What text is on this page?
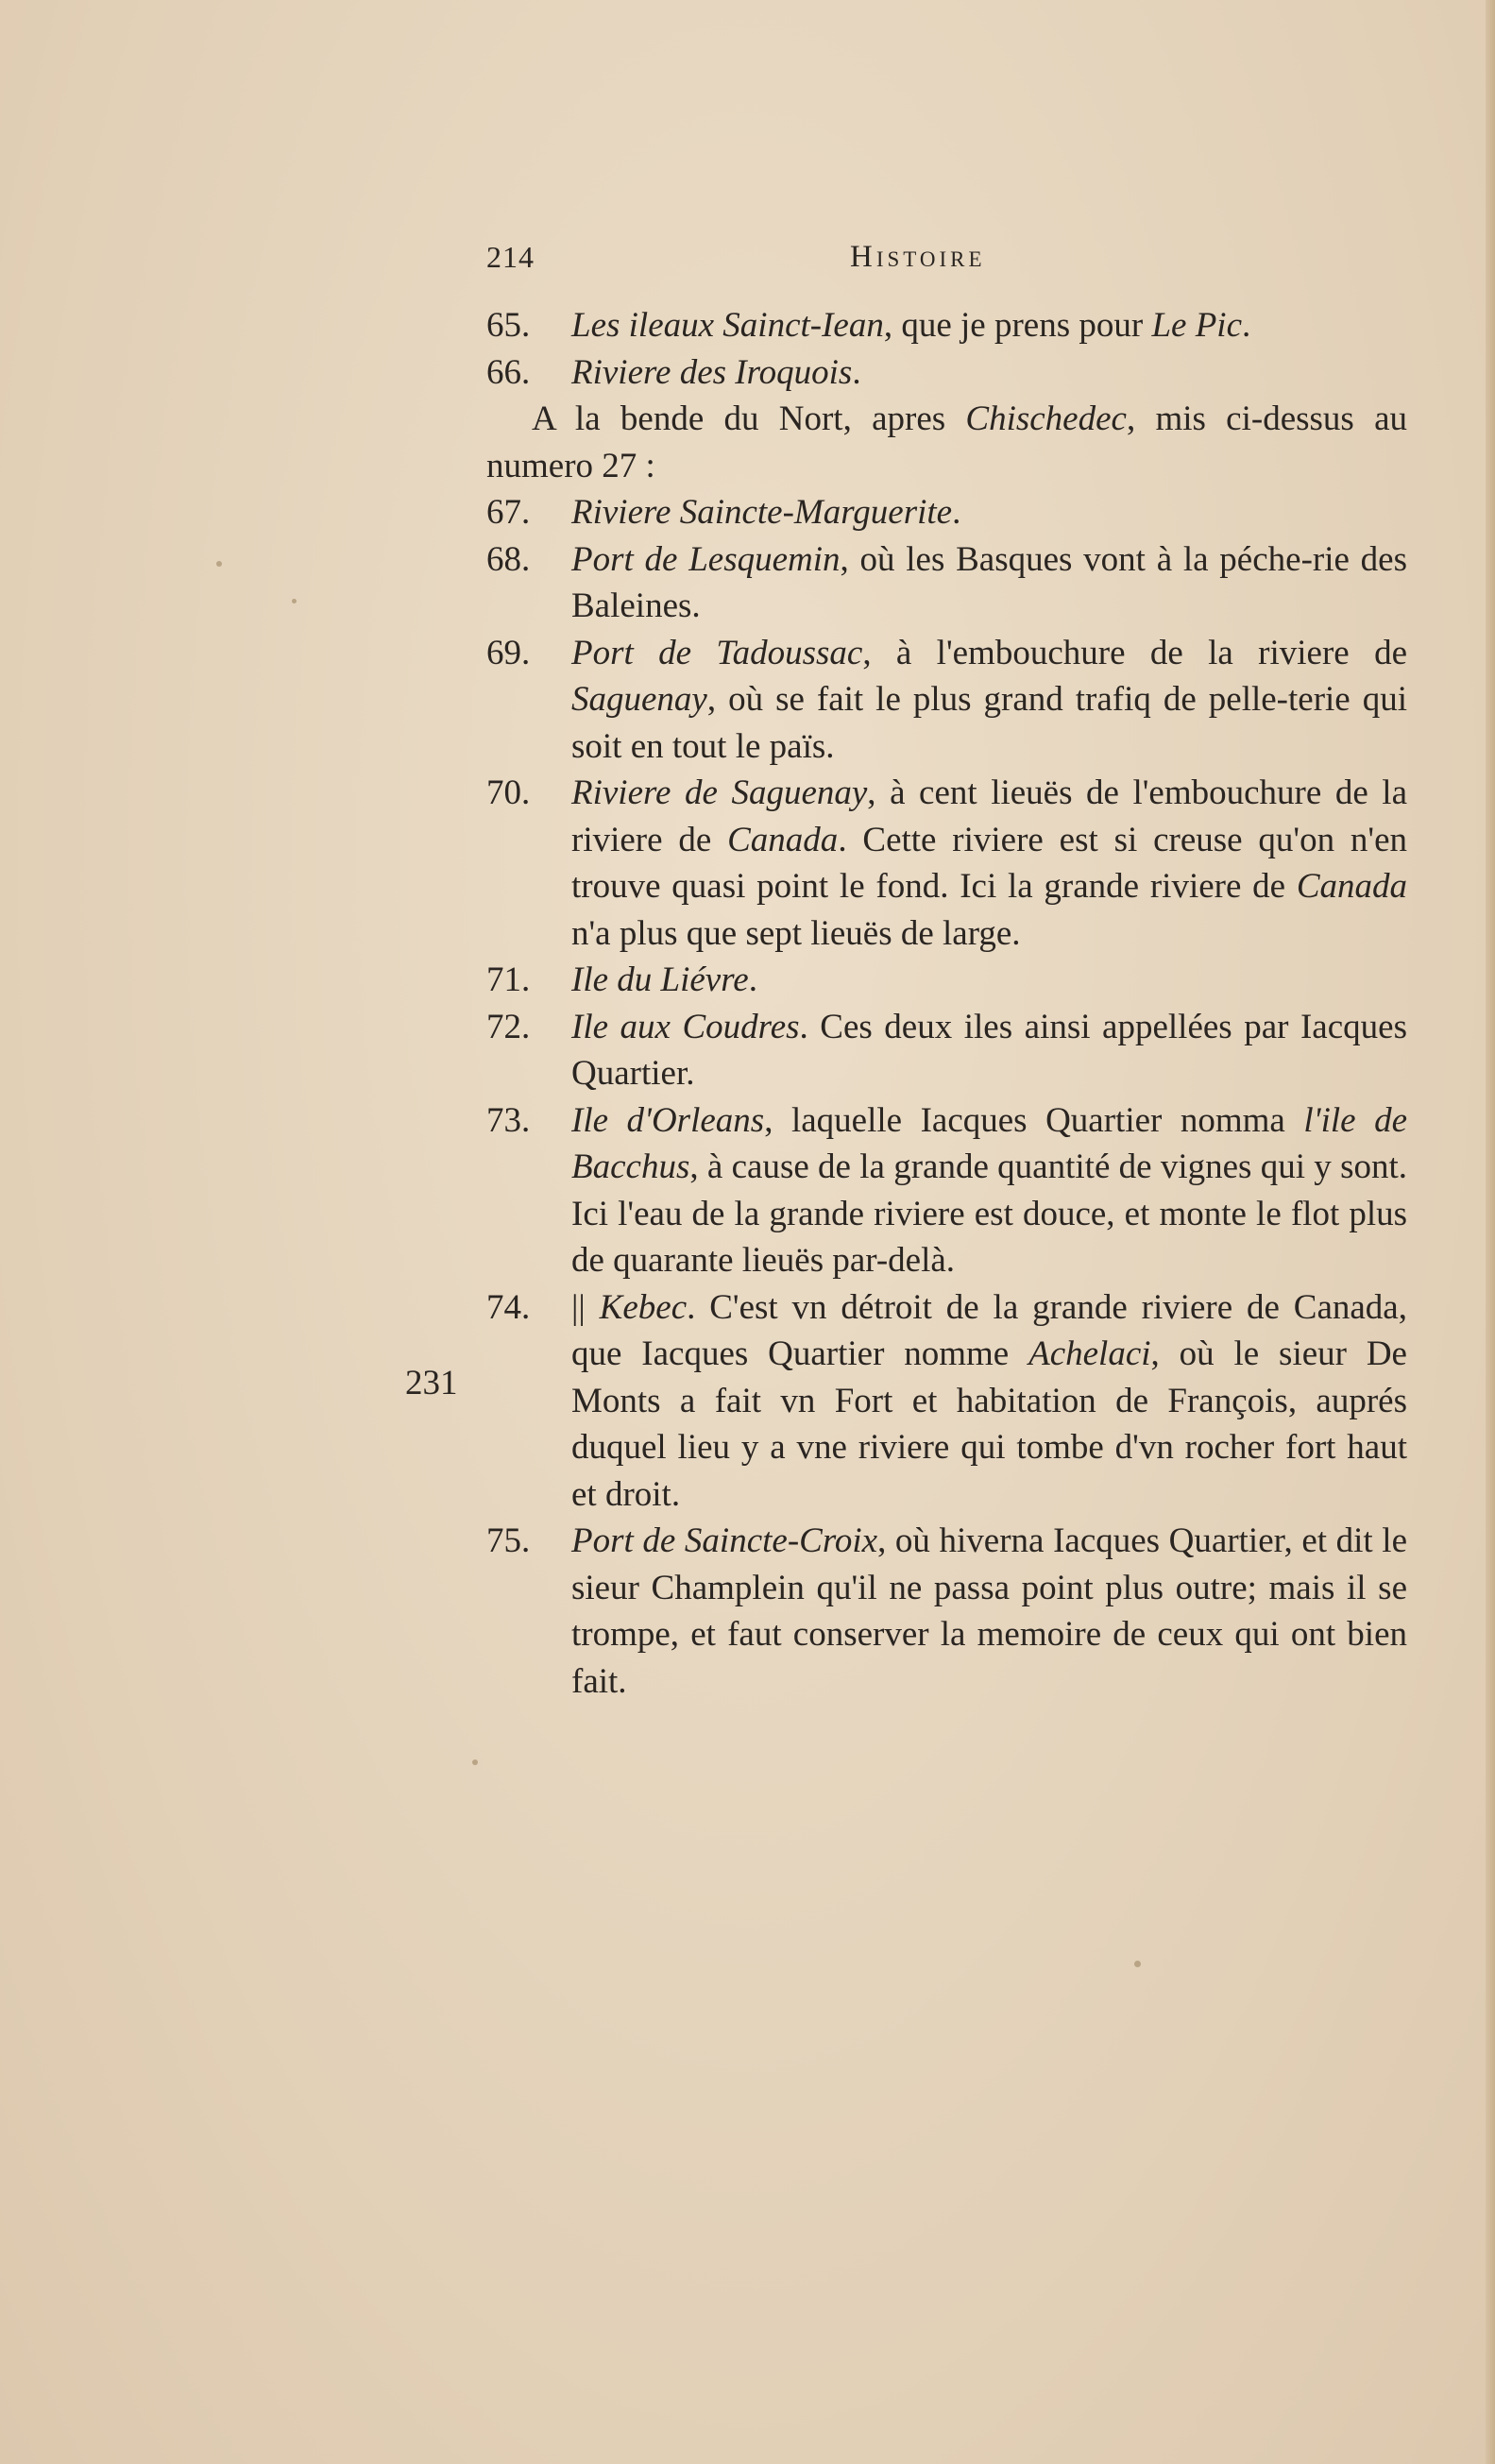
214	Histoire
231
65. Les ileaux Sainct-Iean, que je prens pour Le Pic.
66. Riviere des Iroquois.
A la bende du Nort, apres Chischedec, mis ci-dessus au numero 27 :
67. Riviere Saincte-Marguerite.
68. Port de Lesquemin, où les Basques vont à la péche-rie des Baleines.
69. Port de Tadoussac, à l'embouchure de la riviere de Saguenay, où se fait le plus grand trafiq de pelle-terie qui soit en tout le païs.
70. Riviere de Saguenay, à cent lieuës de l'embouchure de la riviere de Canada. Cette riviere est si creuse qu'on n'en trouve quasi point le fond. Ici la grande riviere de Canada n'a plus que sept lieuës de large.
71. Ile du Liévre.
72. Ile aux Coudres. Ces deux iles ainsi appellées par Iacques Quartier.
73. Ile d'Orleans, laquelle Iacques Quartier nomma l'ile de Bacchus, à cause de la grande quantité de vignes qui y sont. Ici l'eau de la grande riviere est douce, et monte le flot plus de quarante lieuës par-delà.
74. || Kebec. C'est vn détroit de la grande riviere de Canada, que Iacques Quartier nomme Achelaci, où le sieur De Monts a fait vn Fort et habitation de François, auprés duquel lieu y a vne riviere qui tombe d'vn rocher fort haut et droit.
75. Port de Saincte-Croix, où hiverna Iacques Quartier, et dit le sieur Champlein qu'il ne passa point plus outre; mais il se trompe, et faut conserver la memoire de ceux qui ont bien fait.
